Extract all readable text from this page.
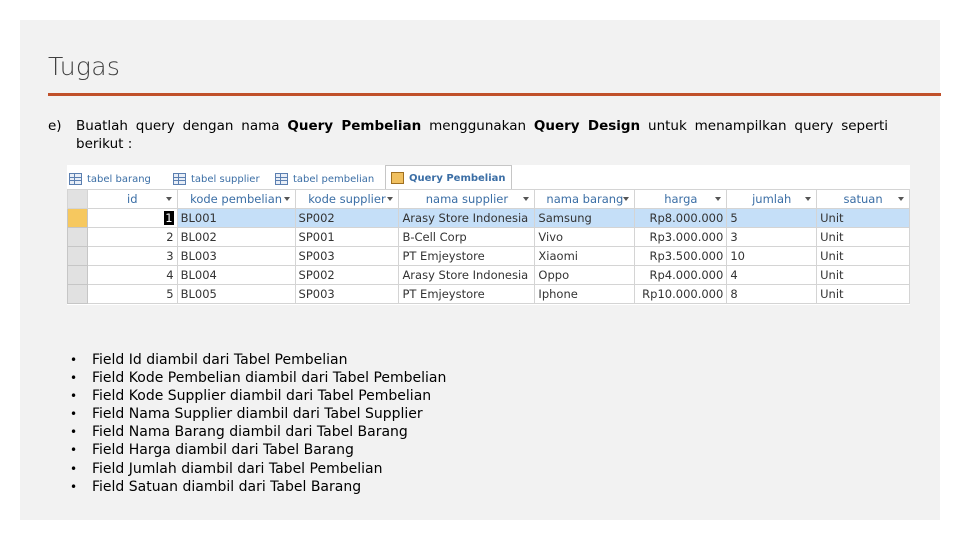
Tugas
e) Buatlah query dengan nama Query Pembelian menggunakan Query Design untuk menampilkan query seperti berikut :
tabel barang	tabel supplier	tabel pembelian	Query Pembelian
	id	kode pembelian	kode supplier	nama supplier	nama barang	harga	jumlah	satuan

	1	BL001	SP002	Arasy Store Indonesia	Samsung	Rp8.000.000	5	Unit
	2	BL002	SP001	B-Cell Corp	Vivo	Rp3.000.000	3	Unit
	3	BL003	SP003	PT Emjeystore	Xiaomi	Rp3.500.000	10	Unit
	4	BL004	SP002	Arasy Store Indonesia	Oppo	Rp4.000.000	4	Unit
	5	BL005	SP003	PT Emjeystore	Iphone	Rp10.000.000	8	Unit
• Field Id diambil dari Tabel Pembelian
• Field Kode Pembelian diambil dari Tabel Pembelian
• Field Kode Supplier diambil dari Tabel Pembelian
• Field Nama Supplier diambil dari Tabel Supplier
• Field Nama Barang diambil dari Tabel Barang
• Field Harga diambil dari Tabel Barang
• Field Jumlah diambil dari Tabel Pembelian
• Field Satuan diambil dari Tabel Barang
